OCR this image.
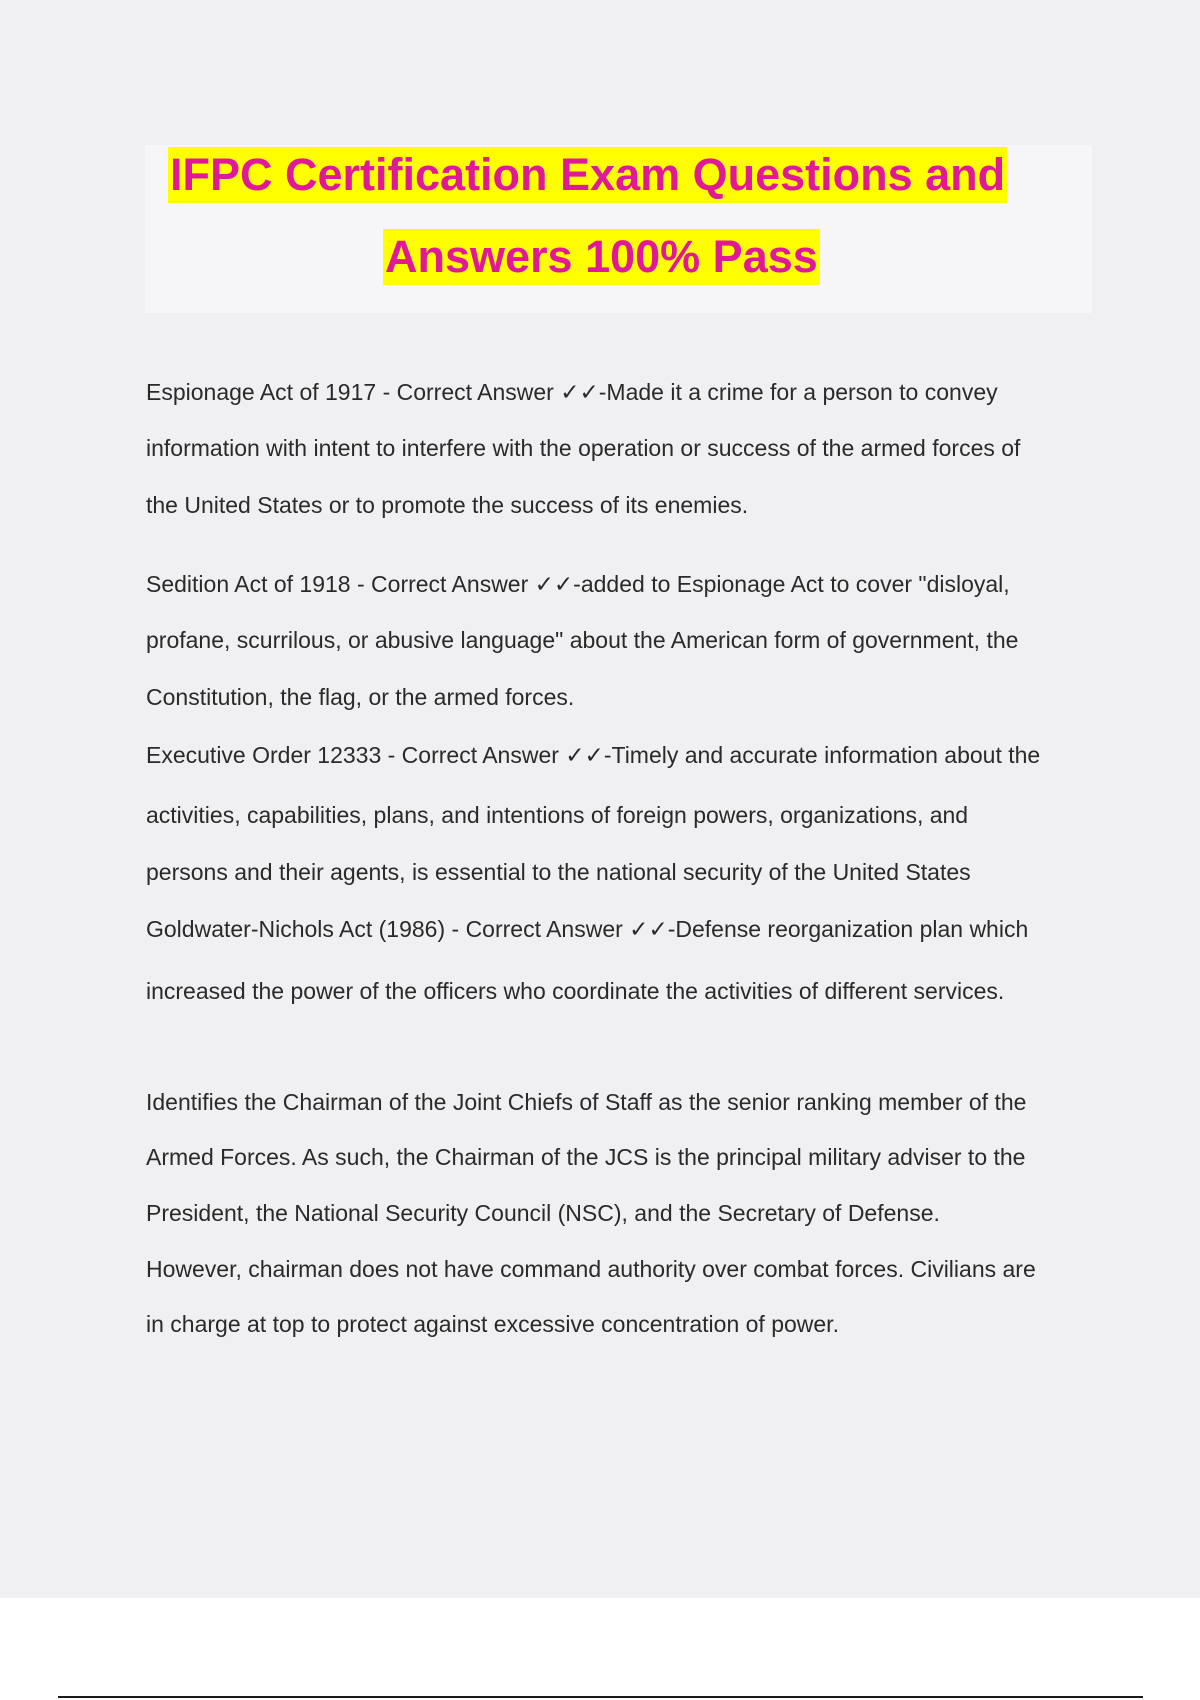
IFPC Certification Exam Questions and
Answers 100% Pass
Espionage Act of 1917 - Correct Answer ✓✓-Made it a crime for a person to convey
information with intent to interfere with the operation or success of the armed forces of
the United States or to promote the success of its enemies.
Sedition Act of 1918 - Correct Answer ✓✓-added to Espionage Act to cover "disloyal,
profane, scurrilous, or abusive language" about the American form of government, the
Constitution, the flag, or the armed forces.
Executive Order 12333 - Correct Answer ✓✓-Timely and accurate information about the
activities, capabilities, plans, and intentions of foreign powers, organizations, and
persons and their agents, is essential to the national security of the United States
Goldwater-Nichols Act (1986) - Correct Answer ✓✓-Defense reorganization plan which
increased the power of the officers who coordinate the activities of different services.
Identifies the Chairman of the Joint Chiefs of Staff as the senior ranking member of the
Armed Forces. As such, the Chairman of the JCS is the principal military adviser to the
President, the National Security Council (NSC), and the Secretary of Defense.
However, chairman does not have command authority over combat forces. Civilians are
in charge at top to protect against excessive concentration of power.
